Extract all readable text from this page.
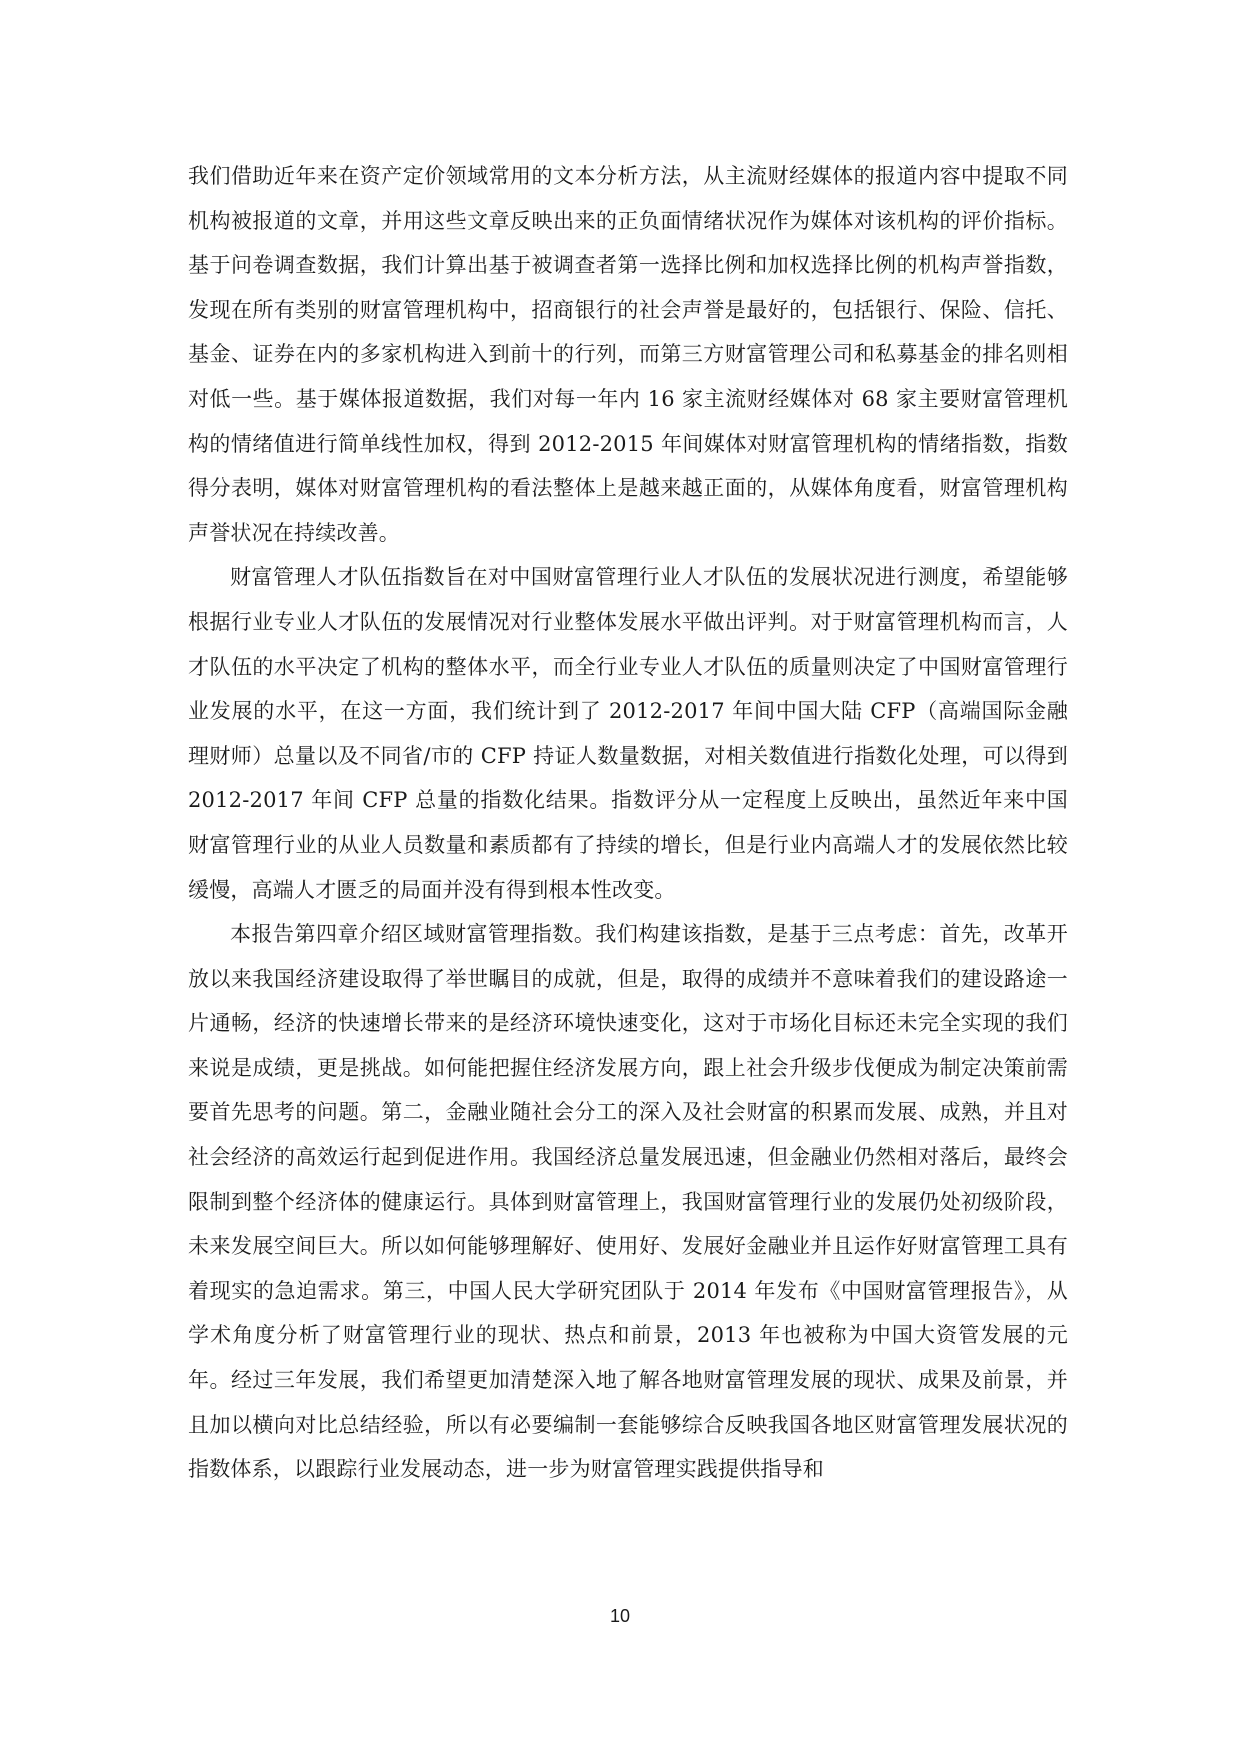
我们借助近年来在资产定价领域常用的文本分析方法，从主流财经媒体的报道内容中提取不同机构被报道的文章，并用这些文章反映出来的正负面情绪状况作为媒体对该机构的评价指标。基于问卷调查数据，我们计算出基于被调查者第一选择比例和加权选择比例的机构声誉指数，发现在所有类别的财富管理机构中，招商银行的社会声誉是最好的，包括银行、保险、信托、基金、证券在内的多家机构进入到前十的行列，而第三方财富管理公司和私募基金的排名则相对低一些。基于媒体报道数据，我们对每一年内 16 家主流财经媒体对 68 家主要财富管理机构的情绪值进行简单线性加权，得到 2012-2015 年间媒体对财富管理机构的情绪指数，指数得分表明，媒体对财富管理机构的看法整体上是越来越正面的，从媒体角度看，财富管理机构声誉状况在持续改善。

财富管理人才队伍指数旨在对中国财富管理行业人才队伍的发展状况进行测度，希望能够根据行业专业人才队伍的发展情况对行业整体发展水平做出评判。对于财富管理机构而言，人才队伍的水平决定了机构的整体水平，而全行业专业人才队伍的质量则决定了中国财富管理行业发展的水平，在这一方面，我们统计到了 2012-2017 年间中国大陆 CFP（高端国际金融理财师）总量以及不同省/市的 CFP 持证人数量数据，对相关数值进行指数化处理，可以得到 2012-2017 年间 CFP 总量的指数化结果。指数评分从一定程度上反映出，虽然近年来中国财富管理行业的从业人员数量和素质都有了持续的增长，但是行业内高端人才的发展依然比较缓慢，高端人才匮乏的局面并没有得到根本性改变。

本报告第四章介绍区域财富管理指数。我们构建该指数，是基于三点考虑：首先，改革开放以来我国经济建设取得了举世瞩目的成就，但是，取得的成绩并不意味着我们的建设路途一片通畅，经济的快速增长带来的是经济环境快速变化，这对于市场化目标还未完全实现的我们来说是成绩，更是挑战。如何能把握住经济发展方向，跟上社会升级步伐便成为制定决策前需要首先思考的问题。第二，金融业随社会分工的深入及社会财富的积累而发展、成熟，并且对社会经济的高效运行起到促进作用。我国经济总量发展迅速，但金融业仍然相对落后，最终会限制到整个经济体的健康运行。具体到财富管理上，我国财富管理行业的发展仍处初级阶段，未来发展空间巨大。所以如何能够理解好、使用好、发展好金融业并且运作好财富管理工具有着现实的急迫需求。第三，中国人民大学研究团队于 2014 年发布《中国财富管理报告》，从学术角度分析了财富管理行业的现状、热点和前景，2013 年也被称为中国大资管发展的元年。经过三年发展，我们希望更加清楚深入地了解各地财富管理发展的现状、成果及前景，并且加以横向对比总结经验，所以有必要编制一套能够综合反映我国各地区财富管理发展状况的指数体系，以跟踪行业发展动态，进一步为财富管理实践提供指导和

10
